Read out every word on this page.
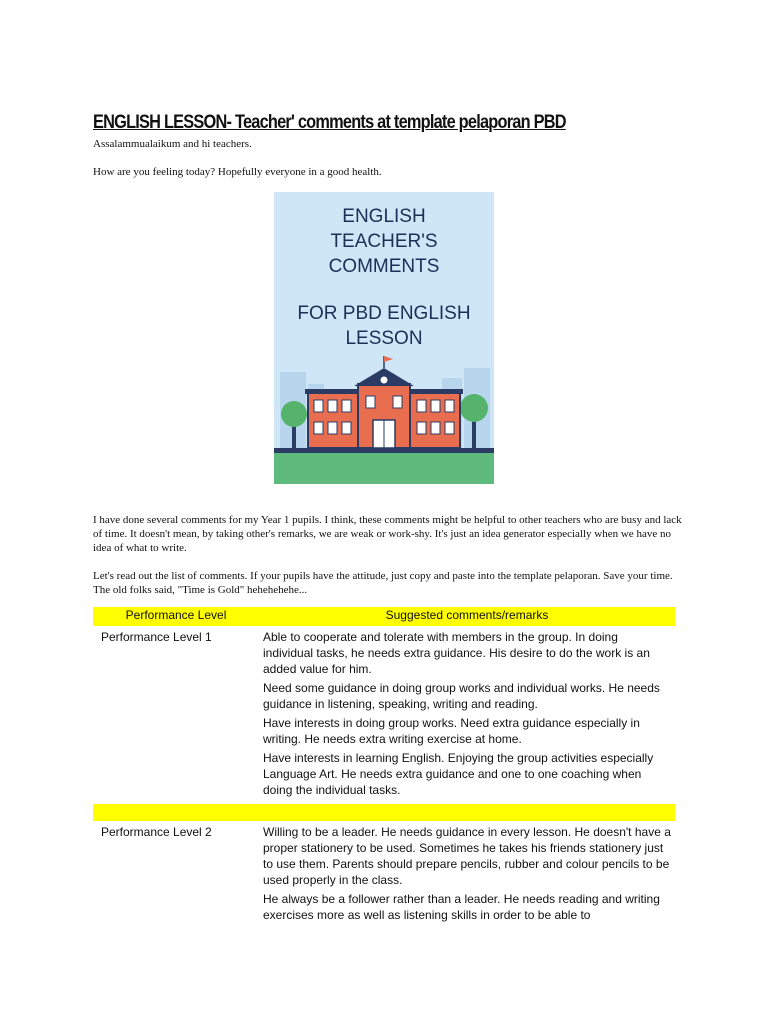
ENGLISH LESSON- Teacher' comments at template pelaporan PBD

Assalammualaikum and hi teachers.

How are you feeling today? Hopefully everyone in a good health.

ENGLISH
TEACHER'S
COMMENTS
FOR PBD ENGLISH
LESSON

I have done several comments for my Year 1 pupils. I think, these comments might be helpful to other teachers who are busy and lack of time. It doesn't mean, by taking other's remarks, we are weak or work-shy. It's just an idea generator especially when we have no idea of what to write.

Let's read out the list of comments. If your pupils have the attitude, just copy and paste into the template pelaporan. Save your time. The old folks said, "Time is Gold" hehehehehe...

Performance Level	Suggested comments/remarks
Performance Level 1	Able to cooperate and tolerate with members in the group. In doing individual tasks, he needs extra guidance. His desire to do the work is an added value for him.
Need some guidance in doing group works and individual works. He needs guidance in listening, speaking, writing and reading.
Have interests in doing group works. Need extra guidance especially in writing. He needs extra writing exercise at home.
Have interests in learning English. Enjoying the group activities especially Language Art. He needs extra guidance and one to one coaching when doing the individual tasks.

Performance Level 2	Willing to be a leader. He needs guidance in every lesson. He doesn't have a proper stationery to be used. Sometimes he takes his friends stationery just to use them. Parents should prepare pencils, rubber and colour pencils to be used properly in the class.
He always be a follower rather than a leader. He needs reading and writing exercises more as well as listening skills in order to be able to
